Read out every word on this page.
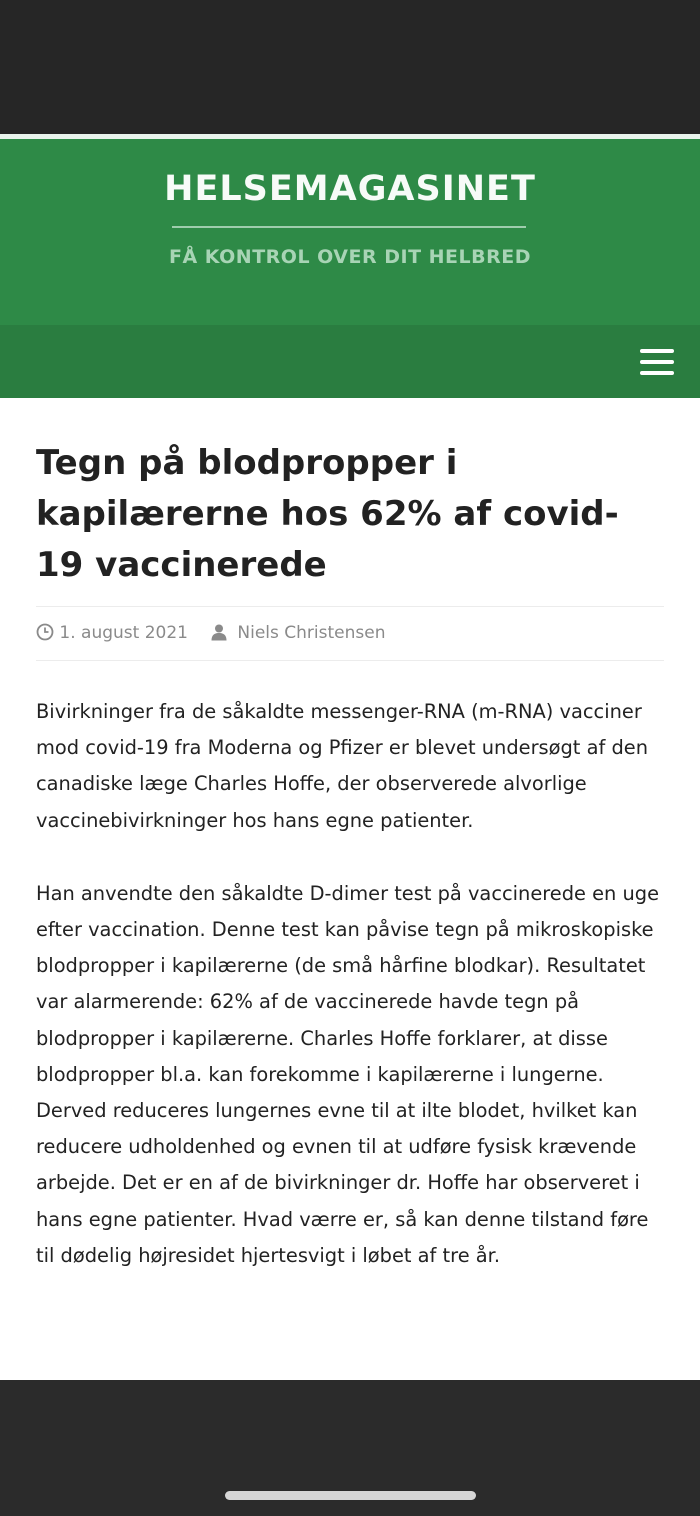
HELSEMAGASINET
FÅ KONTROL OVER DIT HELBRED
Tegn på blodpropper i kapilærerne hos 62% af covid-19 vaccinerede
1. august 2021	Niels Christensen

Bivirkninger fra de såkaldte messenger-RNA (m-RNA) vacciner mod covid-19 fra Moderna og Pfizer er blevet undersøgt af den canadiske læge Charles Hoffe, der observerede alvorlige vaccinebivirkninger hos hans egne patienter.

Han anvendte den såkaldte D-dimer test på vaccinerede en uge efter vaccination. Denne test kan påvise tegn på mikroskopiske blodpropper i kapilærerne (de små hårfine blodkar). Resultatet var alarmerende: 62% af de vaccinerede havde tegn på blodpropper i kapilærerne. Charles Hoffe forklarer, at disse blodpropper bl.a. kan forekomme i kapilærerne i lungerne. Derved reduceres lungernes evne til at ilte blodet, hvilket kan reducere udholdenhed og evnen til at udføre fysisk krævende arbejde. Det er en af de bivirkninger dr. Hoffe har observeret i hans egne patienter. Hvad værre er, så kan denne tilstand føre til dødelig højresidet hjertesvigt i løbet af tre år.
